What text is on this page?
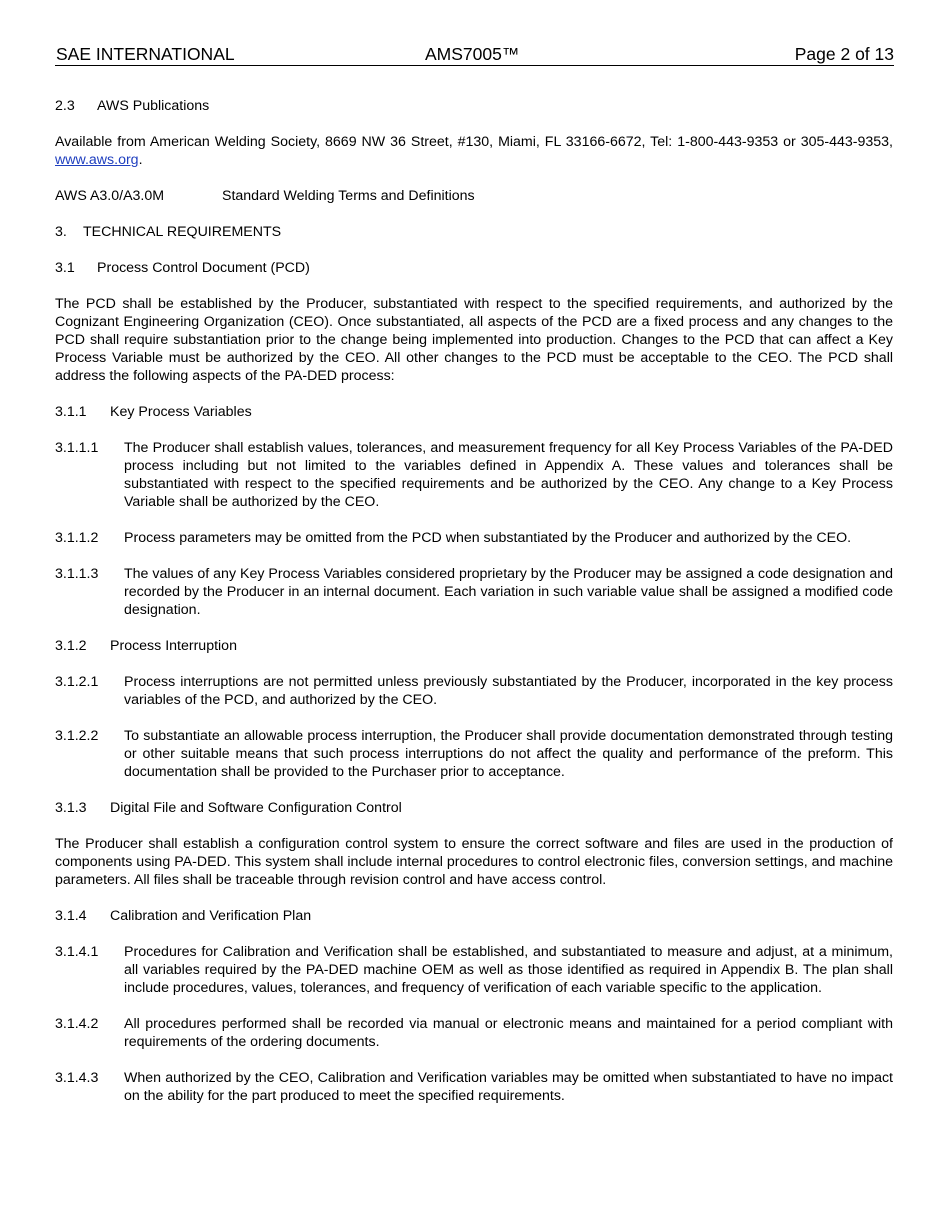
SAE INTERNATIONAL	AMS7005™	Page 2 of 13

2.3 AWS Publications

Available from American Welding Society, 8669 NW 36 Street, #130, Miami, FL 33166-6672, Tel: 1-800-443-9353 or 305-443-9353, www.aws.org.

AWS A3.0/A3.0M	Standard Welding Terms and Definitions

3. TECHNICAL REQUIREMENTS

3.1 Process Control Document (PCD)

The PCD shall be established by the Producer, substantiated with respect to the specified requirements, and authorized by the Cognizant Engineering Organization (CEO). Once substantiated, all aspects of the PCD are a fixed process and any changes to the PCD shall require substantiation prior to the change being implemented into production. Changes to the PCD that can affect a Key Process Variable must be authorized by the CEO. All other changes to the PCD must be acceptable to the CEO. The PCD shall address the following aspects of the PA-DED process:

3.1.1 Key Process Variables

3.1.1.1	The Producer shall establish values, tolerances, and measurement frequency for all Key Process Variables of the PA-DED process including but not limited to the variables defined in Appendix A. These values and tolerances shall be substantiated with respect to the specified requirements and be authorized by the CEO. Any change to a Key Process Variable shall be authorized by the CEO.
3.1.1.2	Process parameters may be omitted from the PCD when substantiated by the Producer and authorized by the CEO.
3.1.1.3	The values of any Key Process Variables considered proprietary by the Producer may be assigned a code designation and recorded by the Producer in an internal document. Each variation in such variable value shall be assigned a modified code designation.

3.1.2 Process Interruption

3.1.2.1	Process interruptions are not permitted unless previously substantiated by the Producer, incorporated in the key process variables of the PCD, and authorized by the CEO.
3.1.2.2	To substantiate an allowable process interruption, the Producer shall provide documentation demonstrated through testing or other suitable means that such process interruptions do not affect the quality and performance of the preform. This documentation shall be provided to the Purchaser prior to acceptance.

3.1.3 Digital File and Software Configuration Control

The Producer shall establish a configuration control system to ensure the correct software and files are used in the production of components using PA-DED. This system shall include internal procedures to control electronic files, conversion settings, and machine parameters. All files shall be traceable through revision control and have access control.

3.1.4 Calibration and Verification Plan

3.1.4.1	Procedures for Calibration and Verification shall be established, and substantiated to measure and adjust, at a minimum, all variables required by the PA-DED machine OEM as well as those identified as required in Appendix B. The plan shall include procedures, values, tolerances, and frequency of verification of each variable specific to the application.
3.1.4.2	All procedures performed shall be recorded via manual or electronic means and maintained for a period compliant with requirements of the ordering documents.
3.1.4.3	When authorized by the CEO, Calibration and Verification variables may be omitted when substantiated to have no impact on the ability for the part produced to meet the specified requirements.
